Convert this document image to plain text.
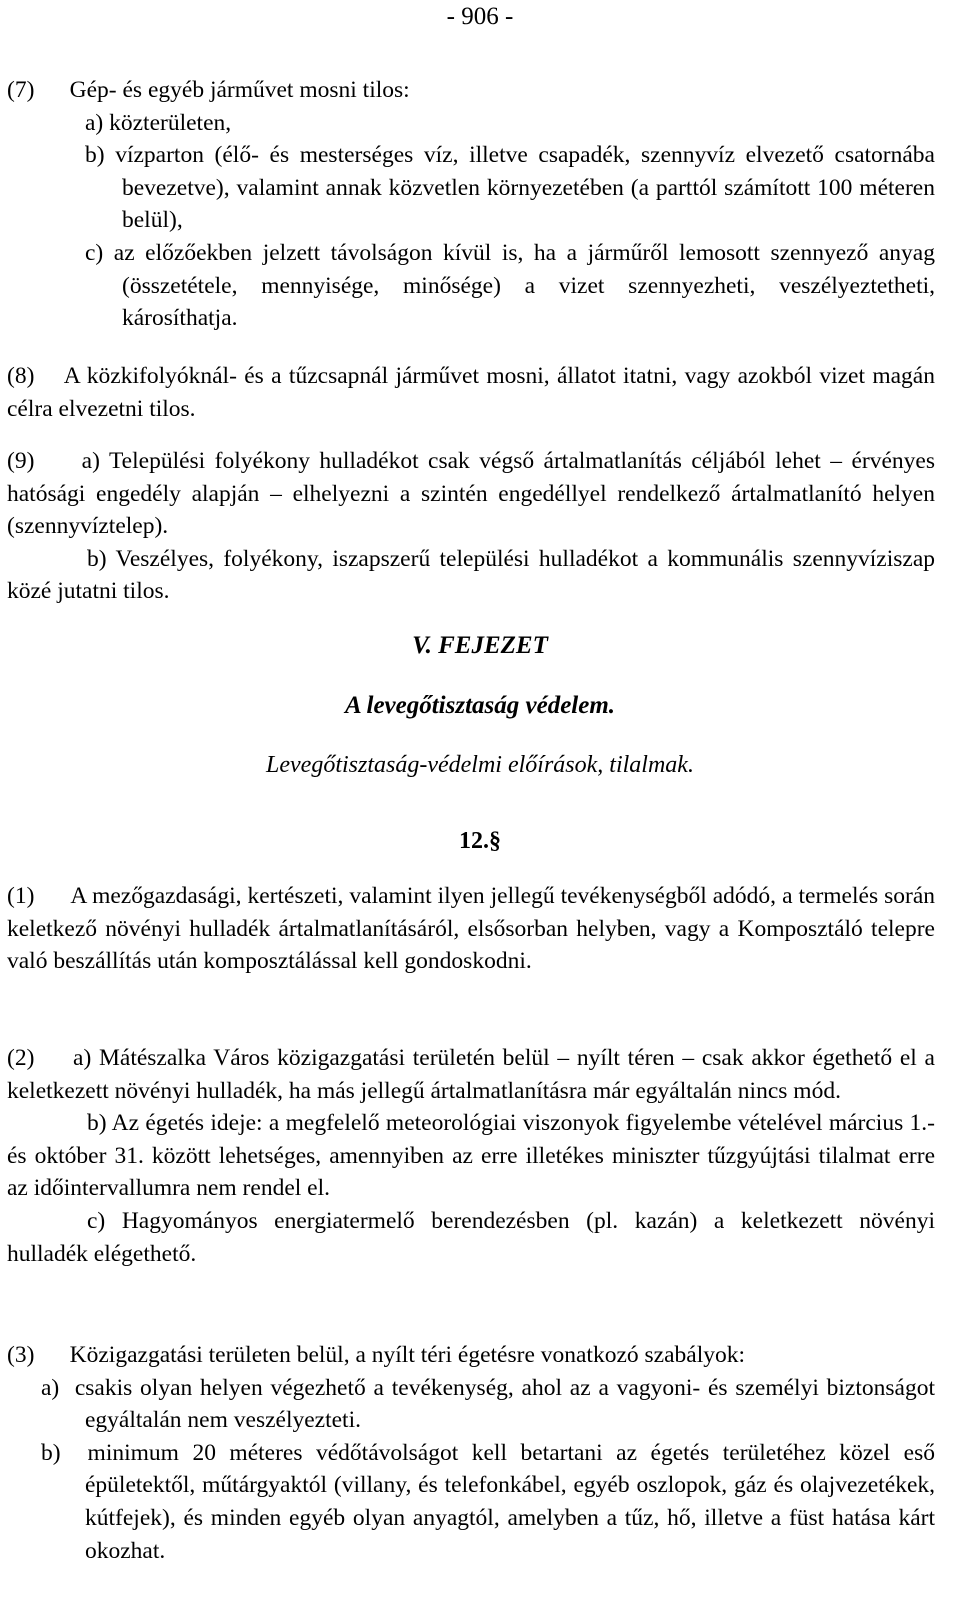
- 906 -

(7)      Gép- és egyéb járművet mosni tilos:

a) közterületen,

b) vízparton (élő- és mesterséges víz, illetve csapadék, szennyvíz elvezető csatornába bevezetve), valamint annak közvetlen környezetében (a parttól számított 100 méteren belül),

c) az előzőekben jelzett távolságon kívül is, ha a járműről lemosott szennyező anyag (összetétele, mennyisége, minősége) a vizet szennyezheti, veszélyeztetheti, károsíthatja.

(8)    A közkifolyóknál- és a tűzcsapnál járművet mosni, állatot itatni, vagy azokból vizet magán célra elvezetni tilos.

(9)     a) Települési folyékony hulladékot csak végső ártalmatlanítás céljából lehet – érvényes hatósági engedély alapján – elhelyezni a szintén engedéllyel rendelkező ártalmatlanító helyen (szennyvíztelep).

b) Veszélyes, folyékony, iszapszerű települési hulladékot a kommunális szennyvíziszap közé jutatni tilos.

V. FEJEZET
A levegőtisztaság védelem.
Levegőtisztaság-védelmi előírások, tilalmak.
12.§

(1)      A mezőgazdasági, kertészeti, valamint ilyen jellegű tevékenységből adódó, a termelés során keletkező növényi hulladék ártalmatlanításáról, elsősorban helyben, vagy a Komposztáló telepre való beszállítás után komposztálással kell gondoskodni.

(2)     a) Mátészalka Város közigazgatási területén belül – nyílt téren – csak akkor égethető el a keletkezett növényi hulladék, ha más jellegű ártalmatlanításra már egyáltalán nincs mód.

b) Az égetés ideje: a megfelelő meteorológiai viszonyok figyelembe vételével március 1.- és október 31. között lehetséges, amennyiben az erre illetékes miniszter tűzgyújtási tilalmat erre az időintervallumra nem rendel el.

c) Hagyományos energiatermelő berendezésben (pl. kazán) a keletkezett növényi hulladék elégethető.

(3)      Közigazgatási területen belül, a nyílt téri égetésre vonatkozó szabályok:

a)  csakis olyan helyen végezhető a tevékenység, ahol az a vagyoni- és személyi biztonságot egyáltalán nem veszélyezteti.

b)  minimum 20 méteres védőtávolságot kell betartani az égetés területéhez közel eső épületektől, műtárgyaktól (villany, és telefonkábel, egyéb oszlopok, gáz és olajvezetékek, kútfejek), és minden egyéb olyan anyagtól, amelyben a tűz, hő, illetve a füst hatása kárt okozhat.
